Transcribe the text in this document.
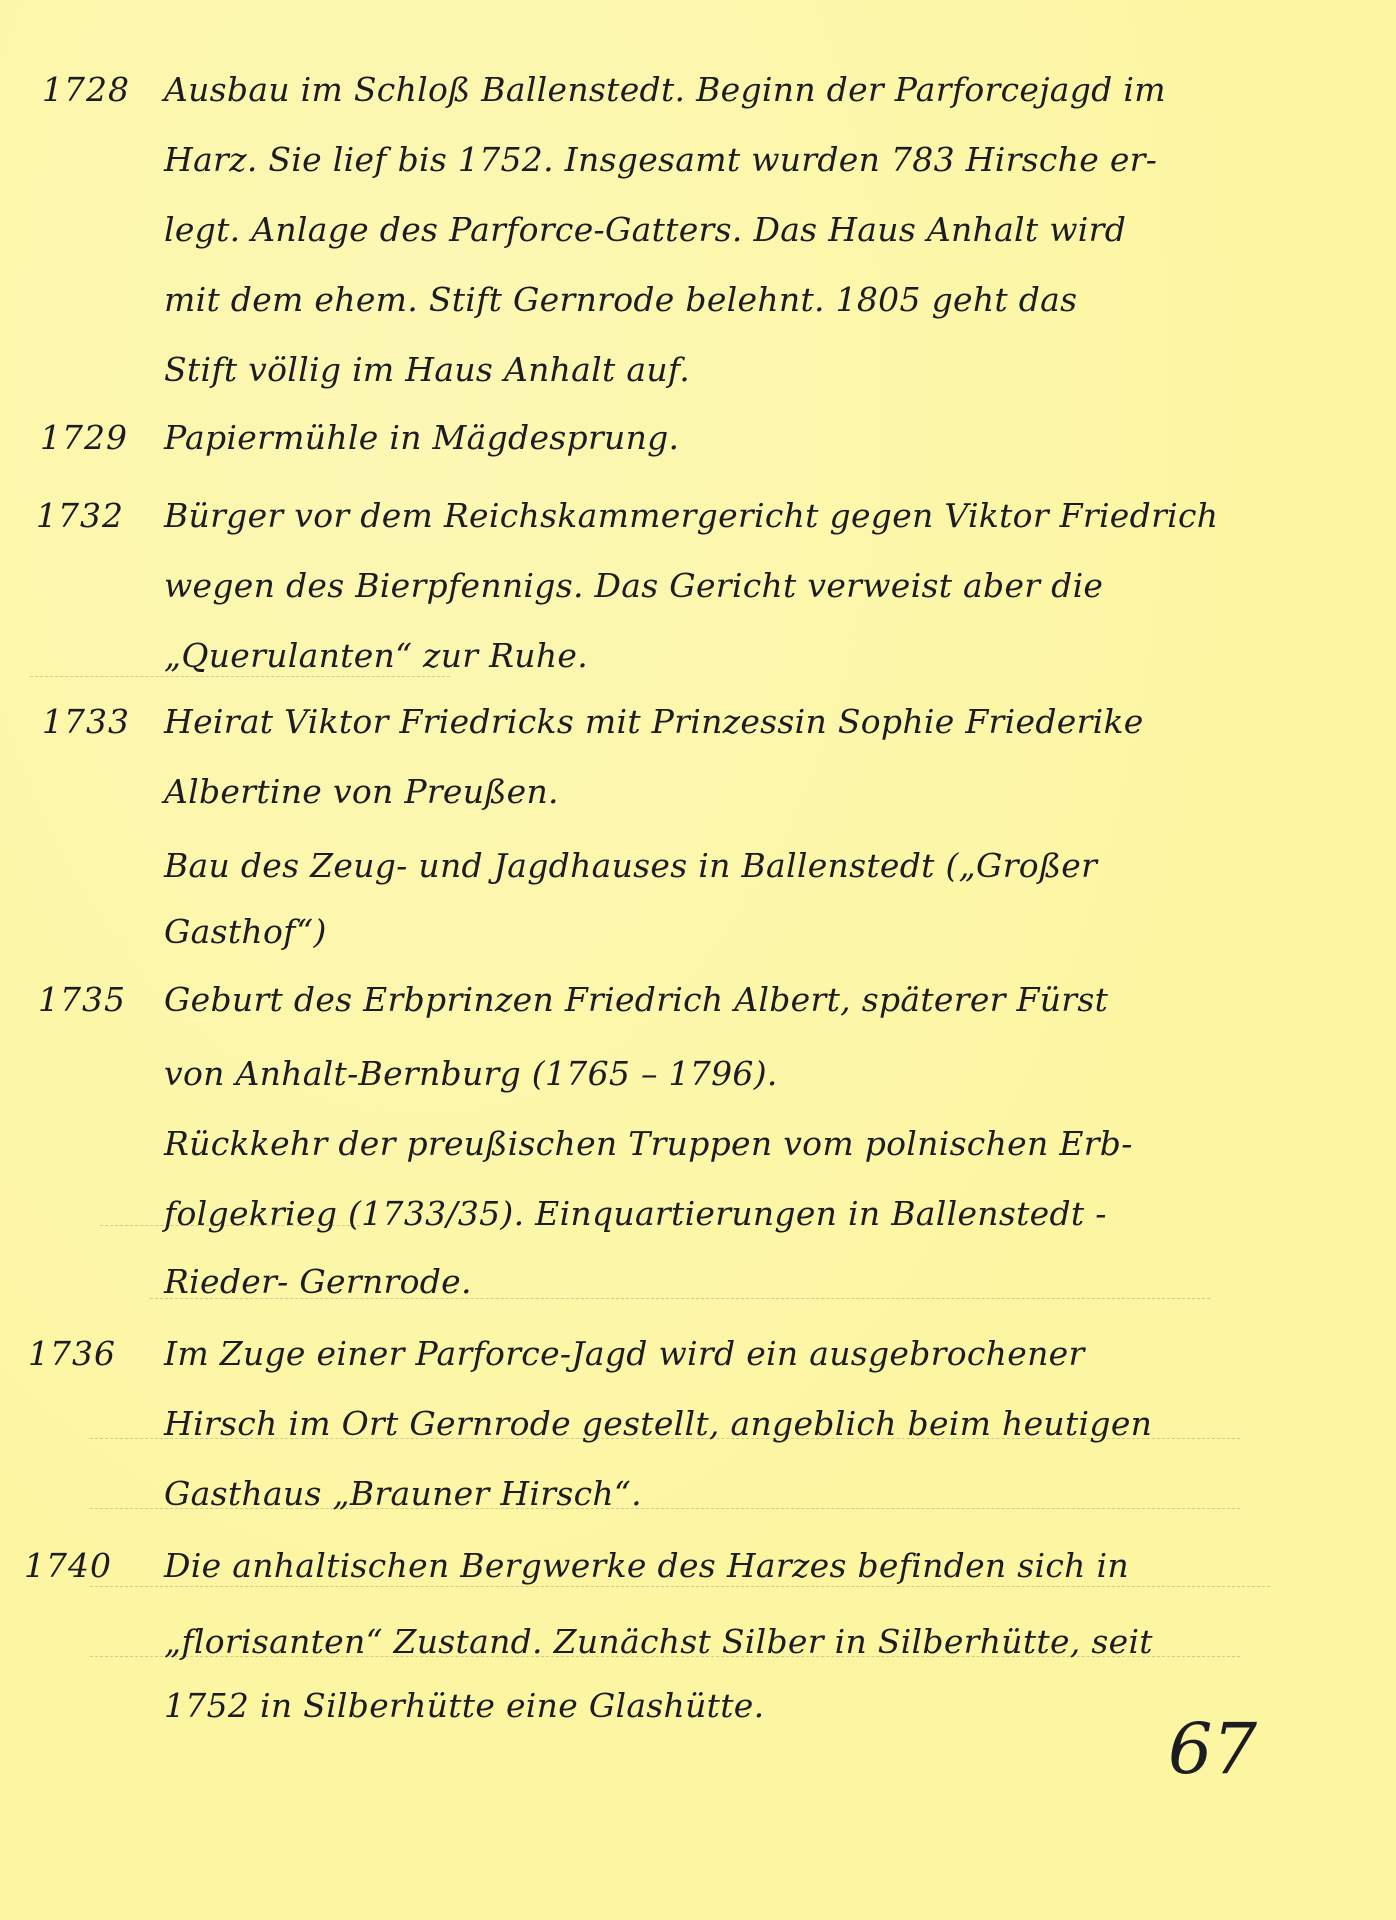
1728 Ausbau im Schloß Ballenstedt. Beginn der Parforcejagd im
Harz. Sie lief bis 1752. Insgesamt wurden 783 Hirsche er-
legt. Anlage des Parforce-Gatters. Das Haus Anhalt wird
mit dem ehem. Stift Gernrode belehnt. 1805 geht das
Stift völlig im Haus Anhalt auf.
1729 Papiermühle in Mägdesprung.
1732 Bürger vor dem Reichskammergericht gegen Viktor Friedrich
wegen des Bierpfennigs. Das Gericht verweist aber die
„Querulanten“ zur Ruhe.
1733 Heirat Viktor Friedricks mit Prinzessin Sophie Friederike
Albertine von Preußen.
Bau des Zeug- und Jagdhauses in Ballenstedt („Großer
Gasthof“)
1735 Geburt des Erbprinzen Friedrich Albert, späterer Fürst
von Anhalt-Bernburg (1765 – 1796).
Rückkehr der preußischen Truppen vom polnischen Erb-
folgekrieg (1733/35). Einquartierungen in Ballenstedt -
Rieder- Gernrode.
1736 Im Zuge einer Parforce-Jagd wird ein ausgebrochener
Hirsch im Ort Gernrode gestellt, angeblich beim heutigen
Gasthaus „Brauner Hirsch“.
1740 Die anhaltischen Bergwerke des Harzes befinden sich in
„florisanten“ Zustand. Zunächst Silber in Silberhütte, seit
1752 in Silberhütte eine Glashütte.
67
